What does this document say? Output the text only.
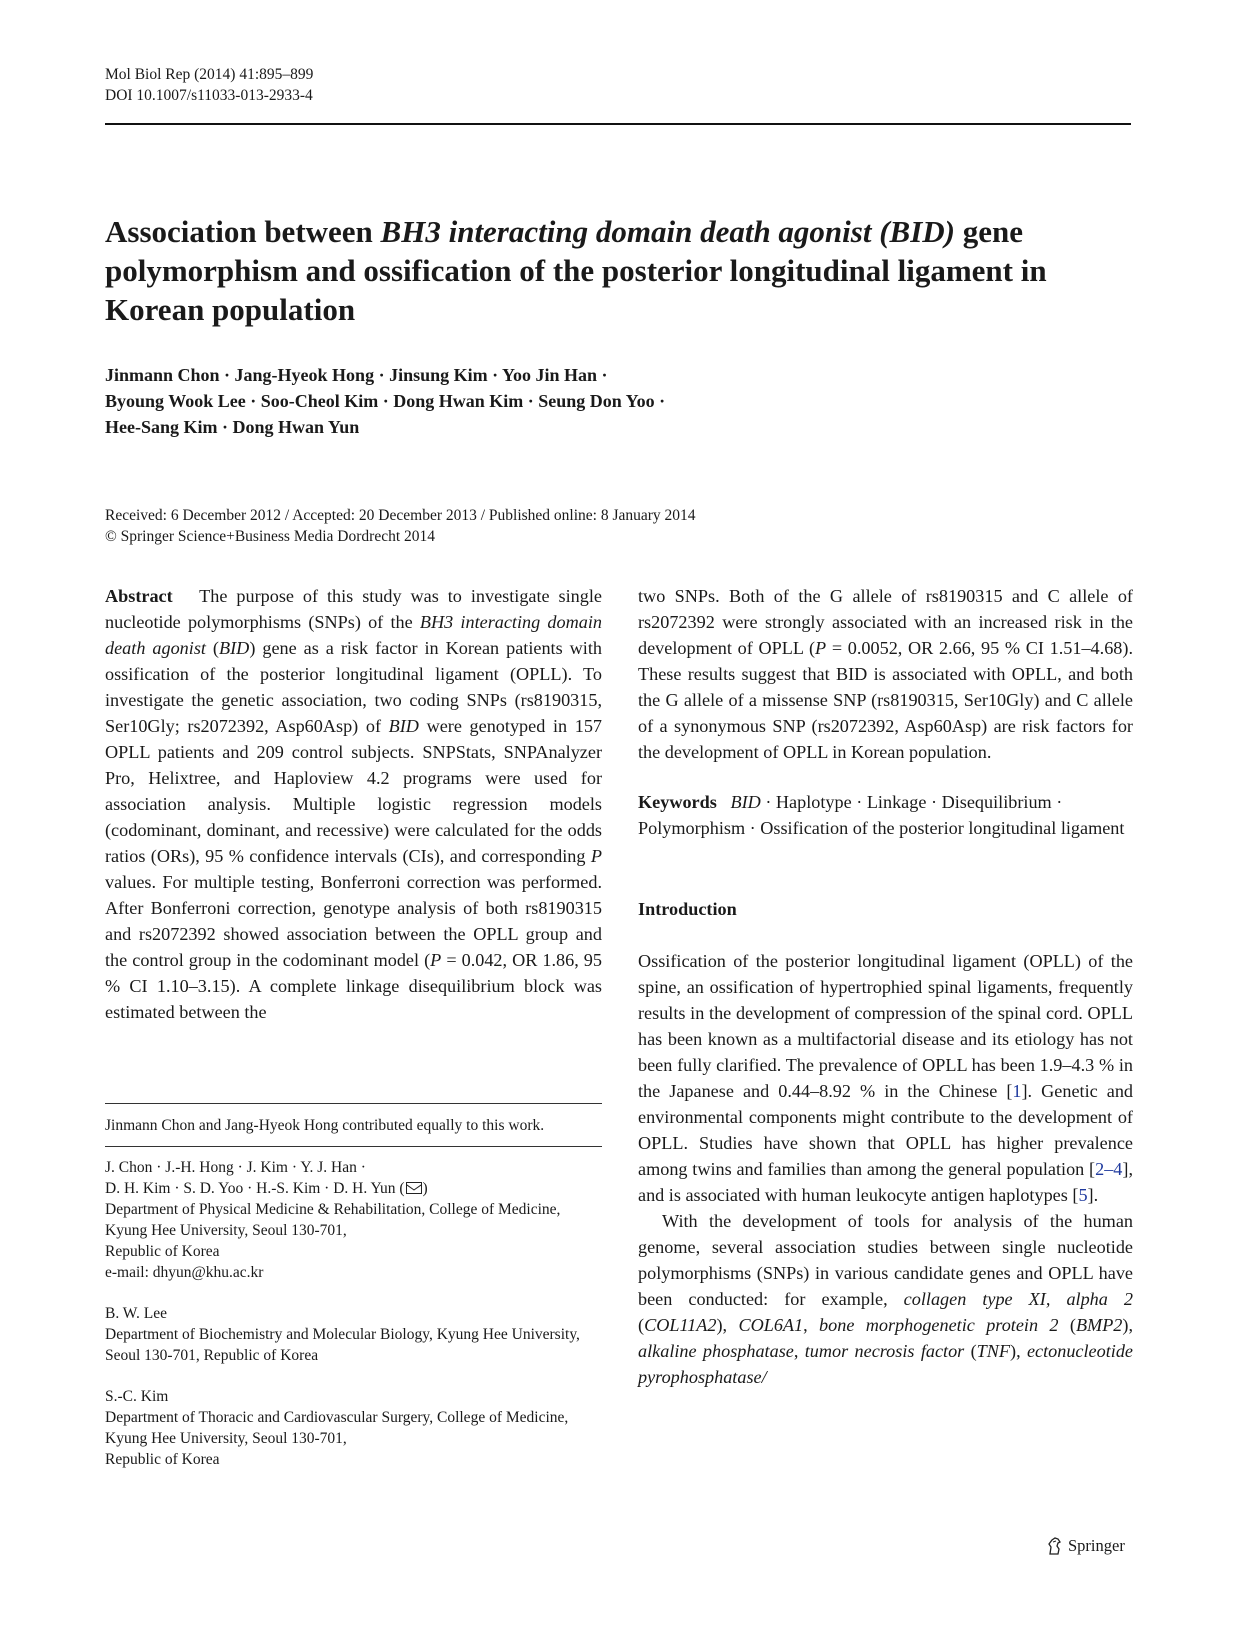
Mol Biol Rep (2014) 41:895–899
DOI 10.1007/s11033-013-2933-4
Association between BH3 interacting domain death agonist (BID) gene polymorphism and ossification of the posterior longitudinal ligament in Korean population
Jinmann Chon · Jang-Hyeok Hong · Jinsung Kim · Yoo Jin Han ·
Byoung Wook Lee · Soo-Cheol Kim · Dong Hwan Kim · Seung Don Yoo ·
Hee-Sang Kim · Dong Hwan Yun
Received: 6 December 2012 / Accepted: 20 December 2013 / Published online: 8 January 2014
© Springer Science+Business Media Dordrecht 2014

Abstract The purpose of this study was to investigate single nucleotide polymorphisms (SNPs) of the BH3 interacting domain death agonist (BID) gene as a risk factor in Korean patients with ossification of the posterior longitudinal ligament (OPLL). To investigate the genetic association, two coding SNPs (rs8190315, Ser10Gly; rs2072392, Asp60Asp) of BID were genotyped in 157 OPLL patients and 209 control subjects. SNPStats, SNPAnalyzer Pro, Helixtree, and Haploview 4.2 programs were used for association analysis. Multiple logistic regression models (codominant, dominant, and recessive) were calculated for the odds ratios (ORs), 95 % confidence intervals (CIs), and corresponding P values. For multiple testing, Bonferroni correction was performed. After Bonferroni correction, genotype analysis of both rs8190315 and rs2072392 showed association between the OPLL group and the control group in the codominant model (P = 0.042, OR 1.86, 95 % CI 1.10–3.15). A complete linkage disequilibrium block was estimated between the

two SNPs. Both of the G allele of rs8190315 and C allele of rs2072392 were strongly associated with an increased risk in the development of OPLL (P = 0.0052, OR 2.66, 95 % CI 1.51–4.68). These results suggest that BID is associated with OPLL, and both the G allele of a missense SNP (rs8190315, Ser10Gly) and C allele of a synonymous SNP (rs2072392, Asp60Asp) are risk factors for the development of OPLL in Korean population.

Keywords BID · Haplotype · Linkage · Disequilibrium · Polymorphism · Ossification of the posterior longitudinal ligament

Introduction

Ossification of the posterior longitudinal ligament (OPLL) of the spine, an ossification of hypertrophied spinal ligaments, frequently results in the development of compression of the spinal cord. OPLL has been known as a multifactorial disease and its etiology has not been fully clarified. The prevalence of OPLL has been 1.9–4.3 % in the Japanese and 0.44–8.92 % in the Chinese [1]. Genetic and environmental components might contribute to the development of OPLL. Studies have shown that OPLL has higher prevalence among twins and families than among the general population [2–4], and is associated with human leukocyte antigen haplotypes [5].

With the development of tools for analysis of the human genome, several association studies between single nucleotide polymorphisms (SNPs) in various candidate genes and OPLL have been conducted: for example, collagen type XI, alpha 2 (COL11A2), COL6A1, bone morphogenetic protein 2 (BMP2), alkaline phosphatase, tumor necrosis factor (TNF), ectonucleotide pyrophosphatase/

Jinmann Chon and Jang-Hyeok Hong contributed equally to this work.

J. Chon · J.-H. Hong · J. Kim · Y. J. Han ·
D. H. Kim · S. D. Yoo · H.-S. Kim · D. H. Yun ( )
Department of Physical Medicine & Rehabilitation, College of Medicine, Kyung Hee University, Seoul 130-701,
Republic of Korea
e-mail: dhyun@khu.ac.kr
B. W. Lee
Department of Biochemistry and Molecular Biology, Kyung Hee University, Seoul 130-701, Republic of Korea
S.-C. Kim
Department of Thoracic and Cardiovascular Surgery, College of Medicine, Kyung Hee University, Seoul 130-701,
Republic of Korea
Springer
